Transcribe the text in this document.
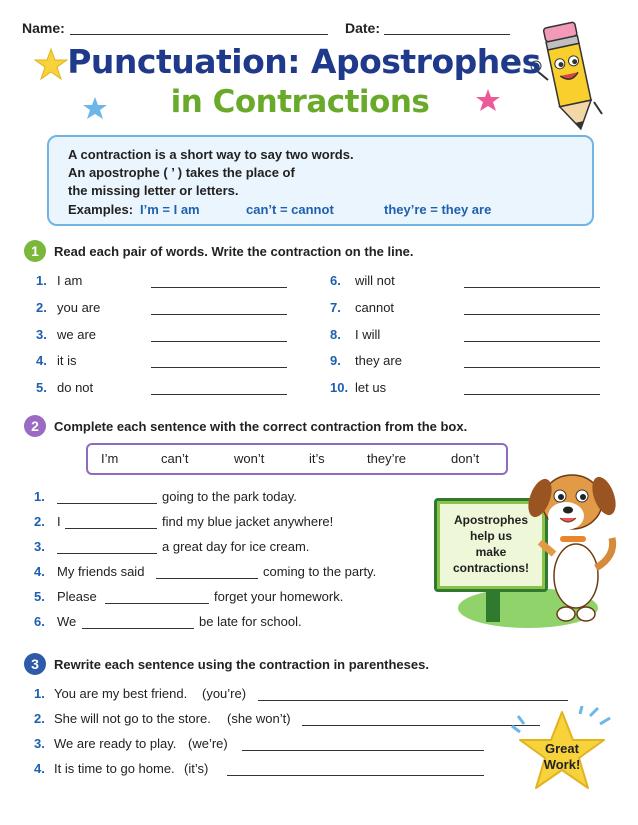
Name:	Date:
Punctuation: Apostrophes
in Contractions
A contraction is a short way to say two words.
An apostrophe ( ’ ) takes the place of
the missing letter or letters.
Examples: I’m = I am	can’t = cannot	they’re = they are
1	Read each pair of words. Write the contraction on the line.
1. I am
2. you are
3. we are
4. it is
5. do not
6. will not
7. cannot
8. I will
9. they are
10. let us
2	Complete each sentence with the correct contraction from the box.
I’m	can’t	won’t	it’s	they’re	don’t
1.	going to the park today.
2. I	find my blue jacket anywhere!
3.	a great day for ice cream.
4. My friends said	coming to the party.
5. Please	forget your homework.
6. We	be late for school.
Apostrophes
help us
make
contractions!
3	Rewrite each sentence using the contraction in parentheses.
1. You are my best friend. (you’re)
2. She will not go to the store. (she won’t)
3. We are ready to play. (we’re)
4. It is time to go home. (it’s)
Great
Work!
